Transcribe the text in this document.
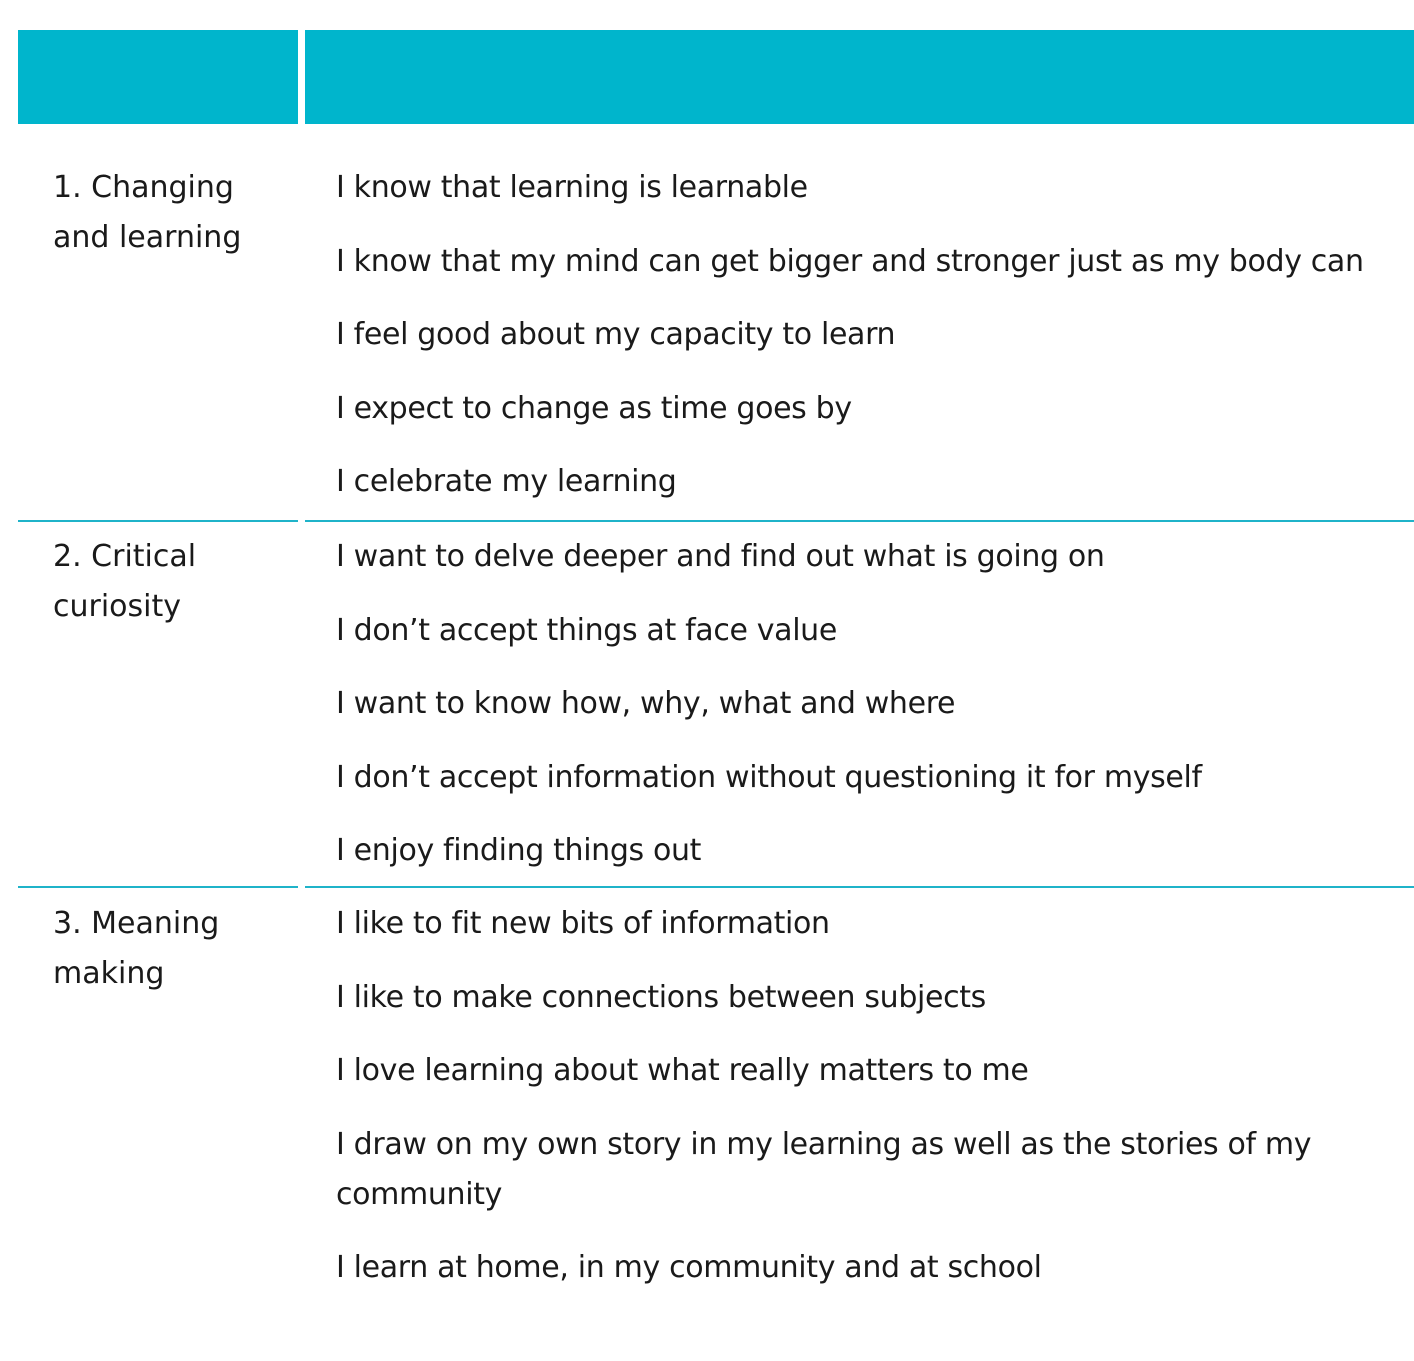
1. Changing and learning

I know that learning is learnable
I know that my mind can get bigger and stronger just as my body can
I feel good about my capacity to learn
I expect to change as time goes by
I celebrate my learning

2. Critical curiosity

I want to delve deeper and find out what is going on
I don’t accept things at face value
I want to know how, why, what and where
I don’t accept information without questioning it for myself
I enjoy finding things out

3. Meaning making

I like to fit new bits of information
I like to make connections between subjects
I love learning about what really matters to me
I draw on my own story in my learning as well as the stories of my community
I learn at home, in my community and at school
